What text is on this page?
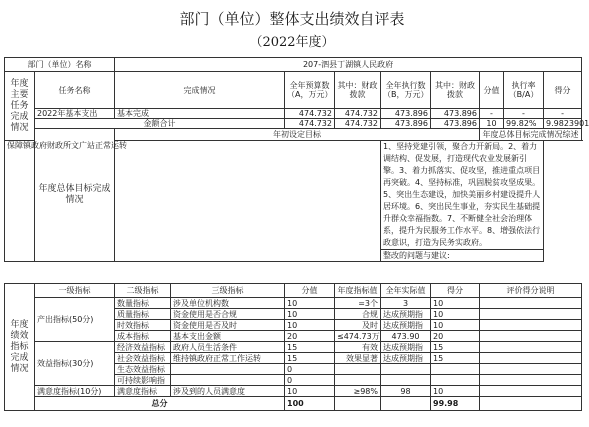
部门（单位）整体支出绩效自评表
（2022年度）
部门（单位）名称		207-泗县丁湖镇人民政府							
年度主要任务完成情况	任务名称	完成情况	全年预算数（A，万元）	其中：财政拨款	全年执行数（B，万元）	其中：财政拨款	分值	执行率（B/A）	得分
	2022年基本支出	基本完成	474.732	474.732	473.896	473.896	-	-	-
	金额合计		474.732	474.732	473.896	473.896	10	99.82%	9.9823901
	年度总体目标完成情况	年初设定目标					年度总体目标完成情况综述		
保障镇政府财政所文广站正常运转					1、坚持党建引领，聚合力开新局。2、着力调结构、促发展，打造现代农业发展新引擎。3、着力抓落实、促攻坚，推进重点项目再突破。4、坚持标准，巩固脱贫攻坚成果。5、突出生态建设，加快美丽乡村建设提升人居环境。6、突出民生事业，夯实民生基础提升群众幸福指数。7、不断健全社会治理体系，提升为民服务工作水平。8、增强依法行政意识，打造为民务实政府。				
					整改的问题与建议:				
年度绩效指标完成情况	一级指标	二级指标	三级指标	分值	年度指标值	全年实际值	得分	评价得分说明
	产出指标(50分)	数量指标	涉及单位机构数	10	=3个	3	10	
		质量指标	资金使用是否合规	10	合规	达成预期指	10	
		时效指标	资金使用是否及时	10	及时	达成预期指	10	
		成本指标	基本支出金额	20	≤474.73万	473.90	20	
	效益指标(30分)	经济效益指标	政府人员生活条件	15	有效	达成预期指	15	
		社会效益指标	维持镇政府正常工作运转	15	效果显著	达成预期指	15	
		生态效益指标		0				
		可持续影响指		0				
	满意度指标(10分)	满意度指标	涉及到的人员满意度	10	≥98%	98	10	
	总分			100			99.98	
